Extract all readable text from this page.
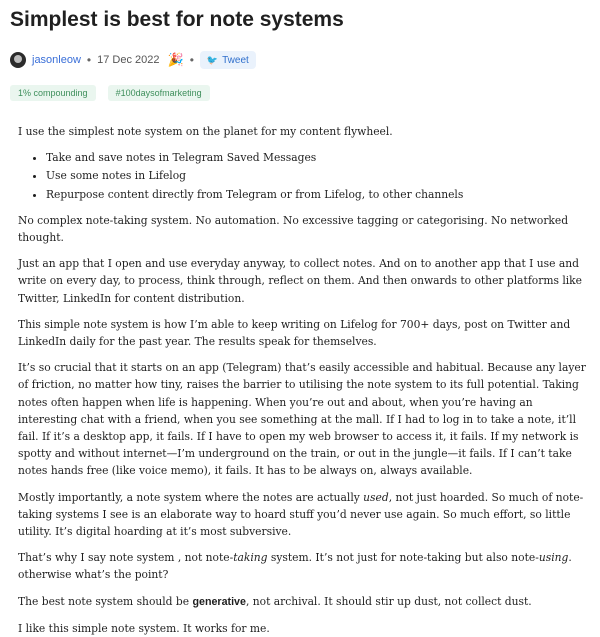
Simplest is best for note systems
jasonleow • 17 Dec 2022 🎉 • 🐦 Tweet
1% compounding	#100daysofmarketing

I use the simplest note system on the planet for my content flywheel.

• Take and save notes in Telegram Saved Messages
• Use some notes in Lifelog
• Repurpose content directly from Telegram or from Lifelog, to other channels

No complex note-taking system. No automation. No excessive tagging or categorising. No networked thought.

Just an app that I open and use everyday anyway, to collect notes. And on to another app that I use and write on every day, to process, think through, reflect on them. And then onwards to other platforms like Twitter, LinkedIn for content distribution.

This simple note system is how I’m able to keep writing on Lifelog for 700+ days, post on Twitter and LinkedIn daily for the past year. The results speak for themselves.

It’s so crucial that it starts on an app (Telegram) that’s easily accessible and habitual. Because any layer of friction, no matter how tiny, raises the barrier to utilising the note system to its full potential. Taking notes often happen when life is happening. When you’re out and about, when you’re having an interesting chat with a friend, when you see something at the mall. If I had to log in to take a note, it’ll fail. If it’s a desktop app, it fails. If I have to open my web browser to access it, it fails. If my network is spotty and without internet—I’m underground on the train, or out in the jungle—it fails. If I can’t take notes hands free (like voice memo), it fails. It has to be always on, always available.

Mostly importantly, a note system where the notes are actually used, not just hoarded. So much of note-taking systems I see is an elaborate way to hoard stuff you’d never use again. So much effort, so little utility. It’s digital hoarding at it’s most subversive.

That’s why I say note system , not note-taking system. It’s not just for note-taking but also note-using. otherwise what’s the point?

The best note system should be generative, not archival. It should stir up dust, not collect dust.

I like this simple note system. It works for me.
